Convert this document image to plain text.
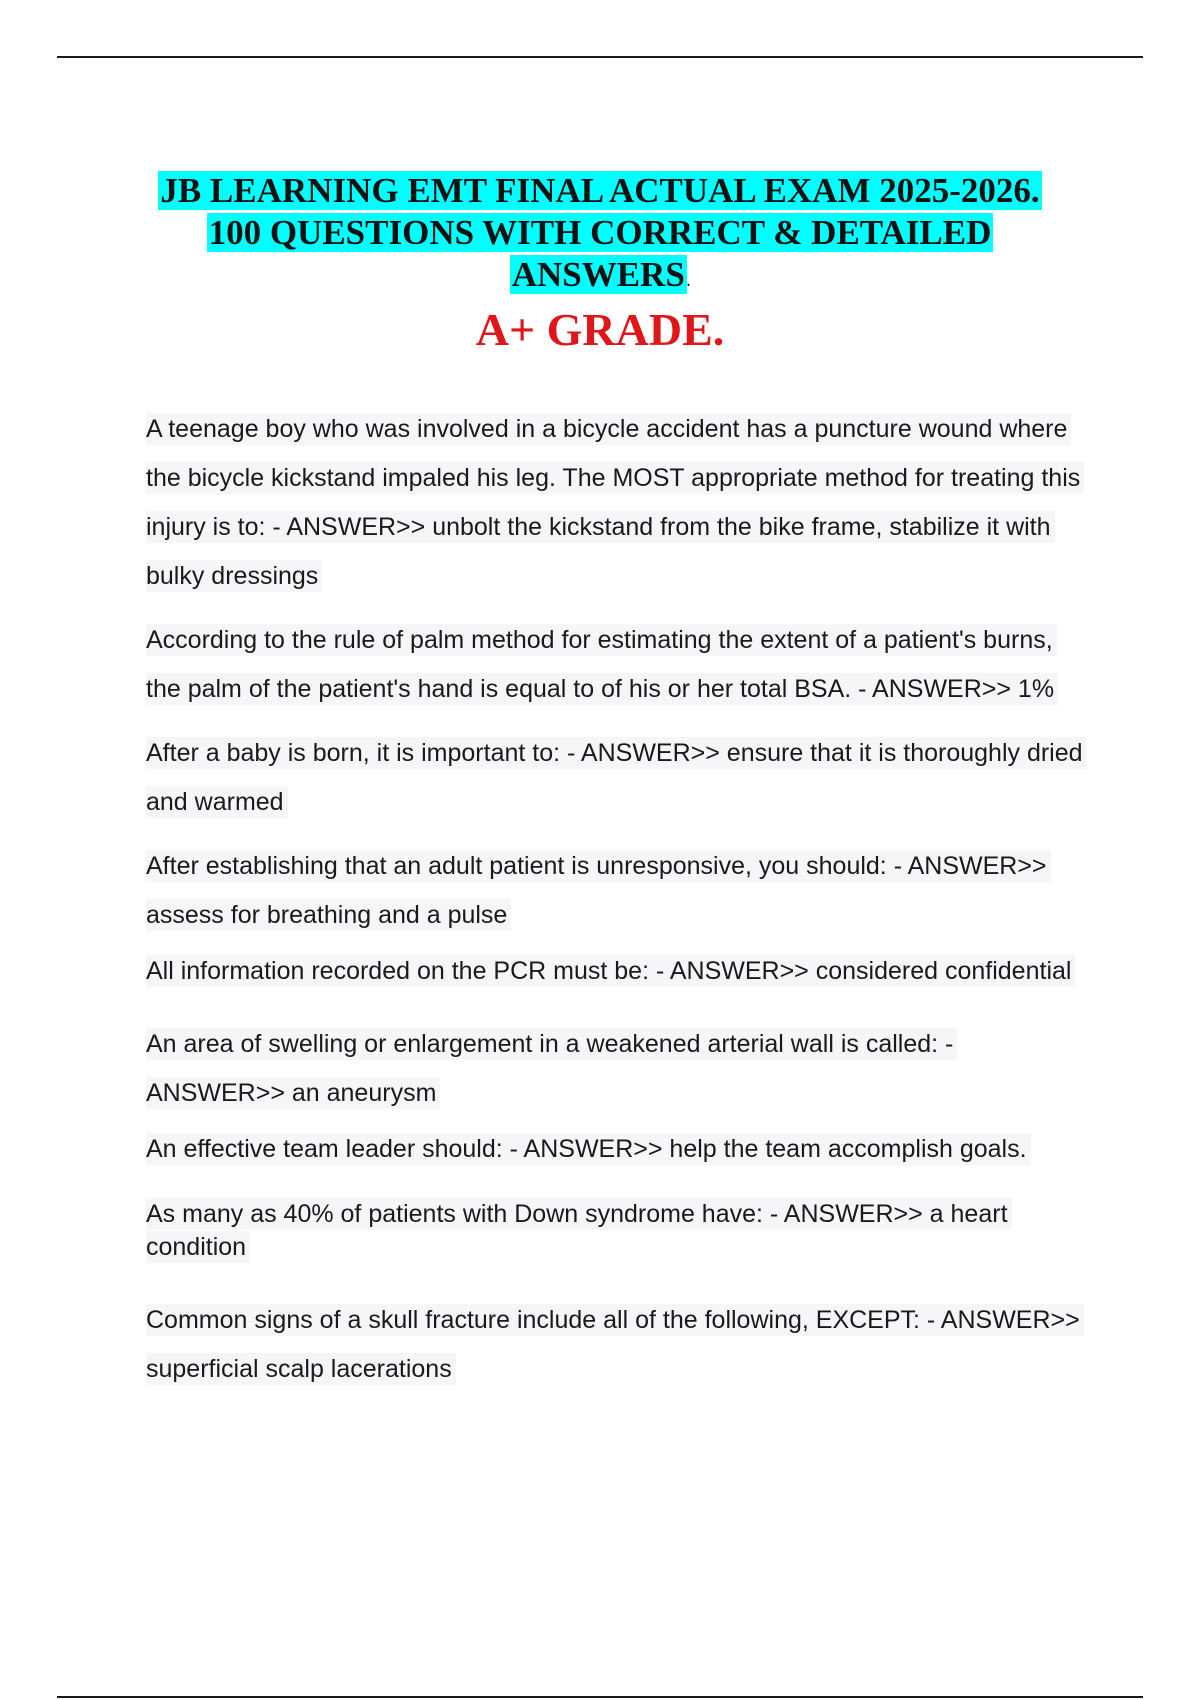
JB LEARNING EMT FINAL ACTUAL EXAM 2025-2026.
100 QUESTIONS WITH CORRECT & DETAILED
ANSWERS .
A+ GRADE.
A teenage boy who was involved in a bicycle accident has a puncture wound where the bicycle kickstand impaled his leg. The MOST appropriate method for treating this injury is to: - ANSWER>> unbolt the kickstand from the bike frame, stabilize it with bulky dressings
According to the rule of palm method for estimating the extent of a patient's burns, the palm of the patient's hand is equal to of his or her total BSA. - ANSWER>> 1%
After a baby is born, it is important to: - ANSWER>> ensure that it is thoroughly dried and warmed
After establishing that an adult patient is unresponsive, you should: - ANSWER>> assess for breathing and a pulse
All information recorded on the PCR must be: - ANSWER>> considered confidential
An area of swelling or enlargement in a weakened arterial wall is called: - ANSWER>> an aneurysm
An effective team leader should: - ANSWER>> help the team accomplish goals.
As many as 40% of patients with Down syndrome have: - ANSWER>> a heart condition
Common signs of a skull fracture include all of the following, EXCEPT: - ANSWER>> superficial scalp lacerations
